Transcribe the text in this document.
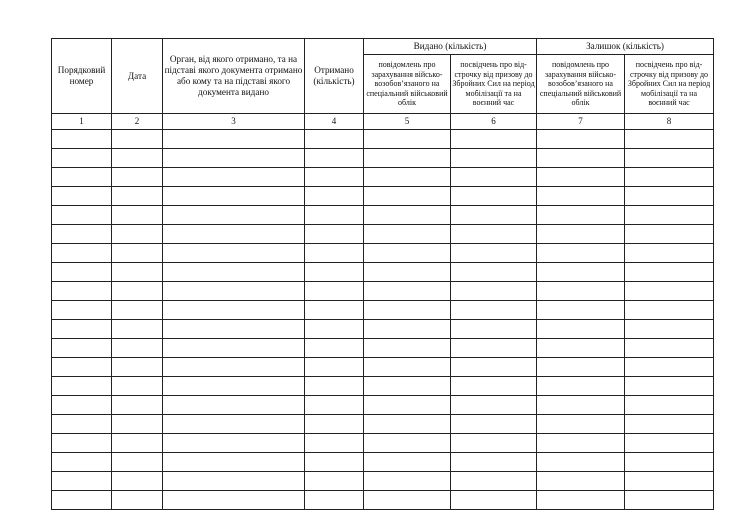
Порядковий номер	Дата	Орган, від якого отримано, та на підставі якого документа отримано або кому та на підставі якого документа видано	Отримано (кількість)	Видано (кількість)		Залишок (кількість)	
				повідомлень про зарахування військовозобов’язаного на спеціальний військовий облік	посвідчень про відстрочку від призову до Збройних Сил на період мобілізації та на воєнний час	повідомлень про зарахування військовозобов’язаного на спеціальний військовий облік	посвідчень про відстрочку від призову до Збройних Сил на період мобілізації та на воєнний час
1	2	3	4	5	6	7	8
